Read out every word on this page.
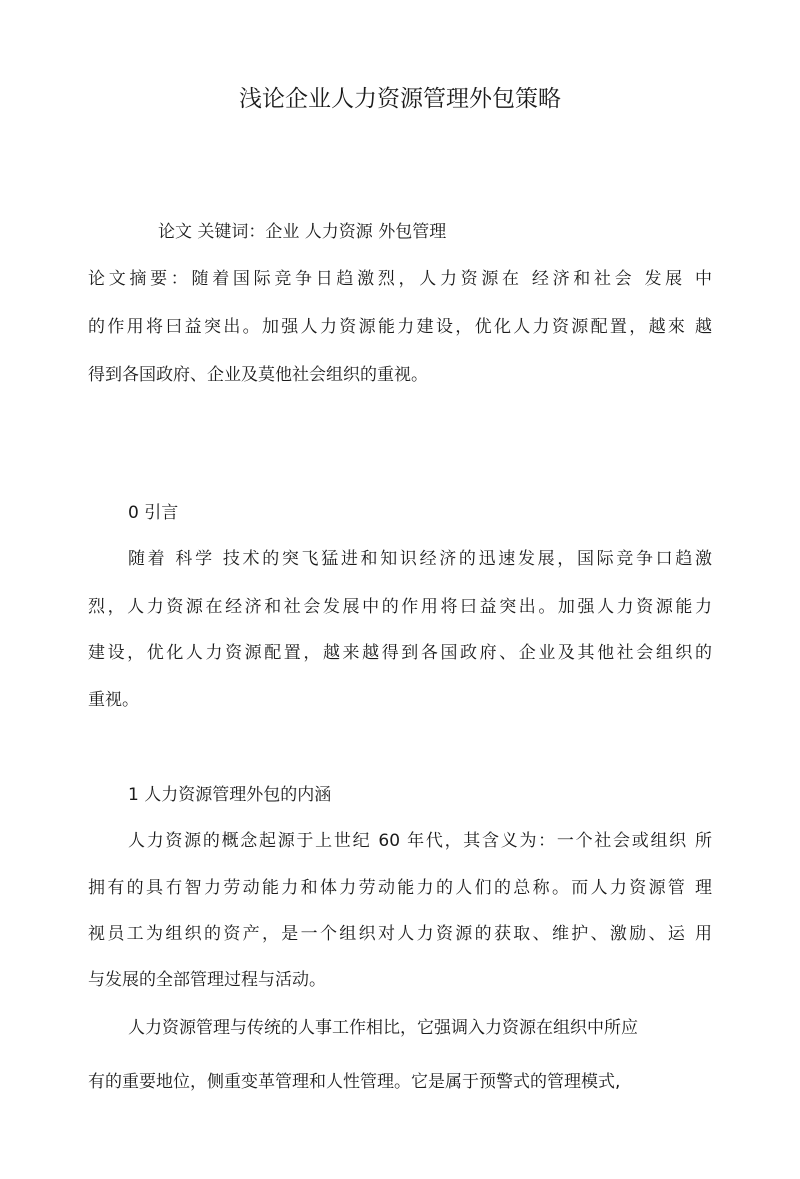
浅论企业人力资源管理外包策略
论文 关键词：企业 人力资源 外包管理
论文摘要：随着国际竞争日趋激烈，人力资源在 经济和社会 发展 中
的作用将曰益突出。加强人力资源能力建设，优化人力资源配置，越來 越
得到各国政府、企业及莫他社会组织的重视。
0 引言
随着 科学 技术的突飞猛进和知识经济的迅速发展，国际竞争口趋激
烈，人力资源在经济和社会发展中的作用将曰益突出。加强人力资源能力
建设，优化人力资源配置，越来越得到各国政府、企业及其他社会组织的
重视。
1 人力资源管理外包的内涵
人力资源的概念起源于上世纪 60 年代，其含义为：一个社会或组织 所
拥有的具冇智力劳动能力和体力劳动能力的人们的总称。而人力资源管 理
视员工为组织的资产，是一个组织对人力资源的获取、维护、激励、运 用
与发展的全部管理过程与活动。
人力资源管理与传统的人事工作相比，它强调入力资源在组织中所应
有的重要地位，侧重变革管理和人性管理。它是属于预警式的管理模式,
